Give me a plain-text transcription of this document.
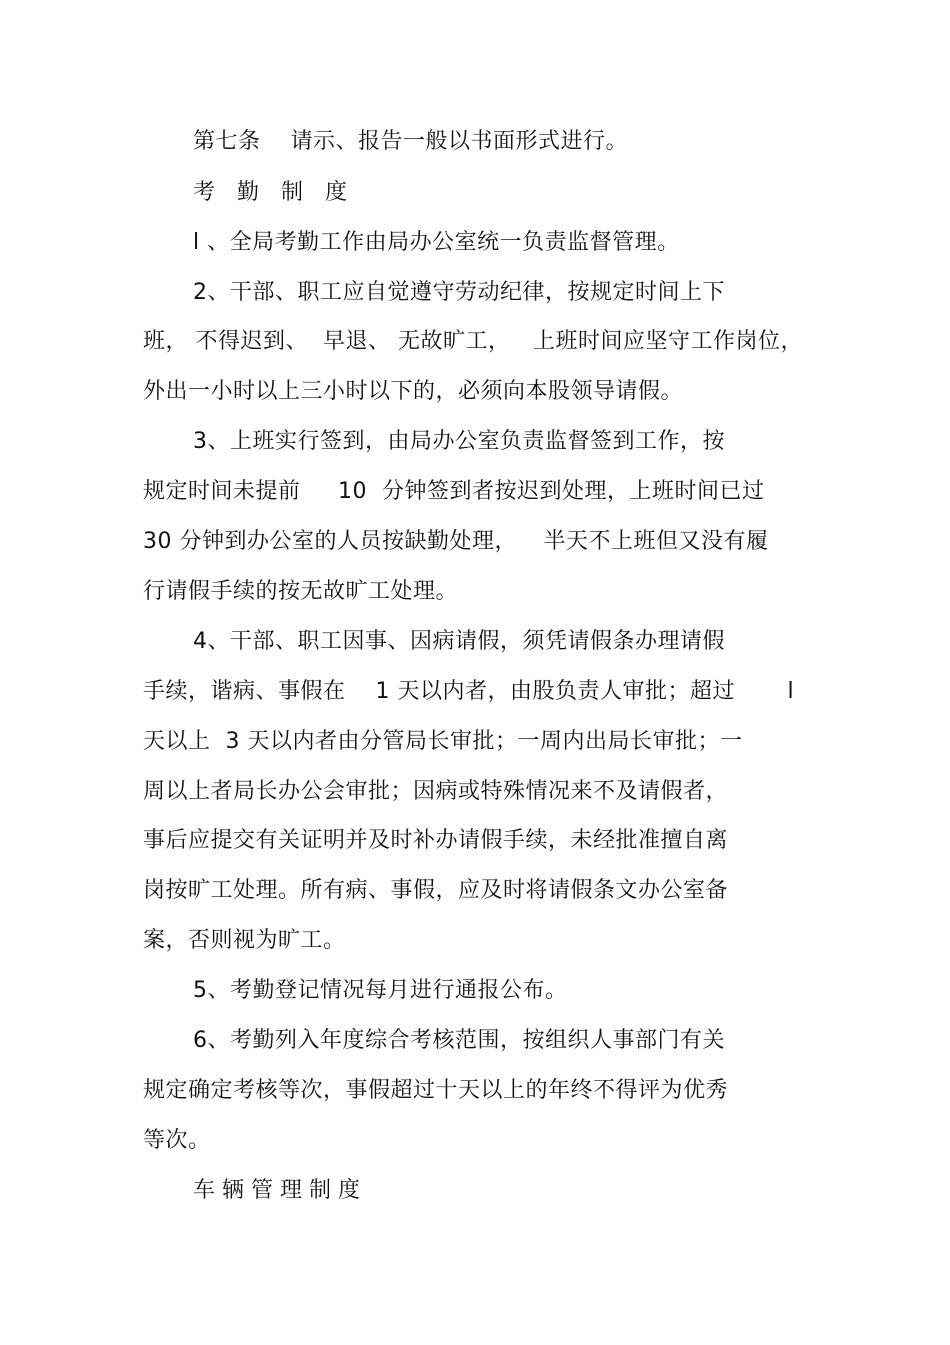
第七条　 请示、报告一般以书面形式进行。
考　勤　制　度
l 、全局考勤工作由局办公室统一负责监督管理。
2、干部、职工应自觉遵守劳动纪律，按规定时间上下
班， 不得迟到、  早退、 无故旷工，   上班时间应坚守工作岗位，
外出一小时以上三小时以下的，必须向本股领导请假。
3、上班实行签到，由局办公室负责监督签到工作，按
规定时间未提前　  10  分钟签到者按迟到处理，上班时间已过
30 分钟到办公室的人员按缺勤处理，　  半天不上班但又没有履
行请假手续的按无故旷工处理。
4、干部、职工因事、因病请假，须凭请假条办理请假
手续，谐病、事假在　 1 天以内者，由股负责人审批；超过　　 l
天以上  3 天以内者由分管局长审批；一周内出局长审批；一
周以上者局长办公会审批；因病或特殊情况来不及请假者，
事后应提交有关证明并及时补办请假手续，未经批准擅自离
岗按旷工处理。所有病、事假，应及时将请假条文办公室备
案，否则视为旷工。
5、考勤登记情况每月进行通报公布。
6、考勤列入年度综合考核范围，按组织人事部门有关
规定确定考核等次，事假超过十天以上的年终不得评为优秀
等次。
车 辆 管 理 制 度
